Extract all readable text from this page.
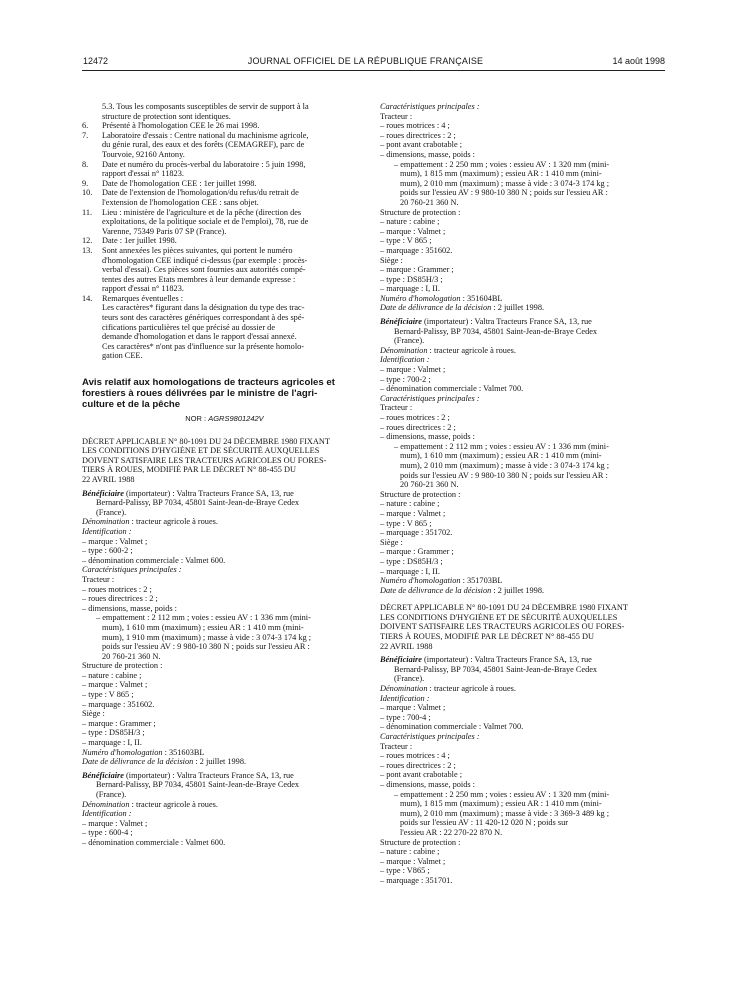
12472	JOURNAL OFFICIEL DE LA RÉPUBLIQUE FRANÇAISE	14 août 1998
5.3. Tous les composants susceptibles de servir de support à la
structure de protection sont identiques.
6.	Présenté à l'homologation CEE le 26 mai 1998.
7.	Laboratoire d'essais : Centre national du machinisme agricole,
du génie rural, des eaux et des forêts (CEMAGREF), parc de
Tourvoie, 92160 Antony.
8.	Date et numéro du procès-verbal du laboratoire : 5 juin 1998,
rapport d'essai n° 11823.
9.	Date de l'homologation CEE : 1er juillet 1998.
10.	Date de l'extension de l'homologation/du refus/du retrait de
l'extension de l'homologation CEE : sans objet.
11.	Lieu : ministère de l'agriculture et de la pêche (direction des
exploitations, de la politique sociale et de l'emploi), 78, rue de
Varenne, 75349 Paris 07 SP (France).
12.	Date : 1er juillet 1998.
13.	Sont annexées les pièces suivantes, qui portent le numéro
d'homologation CEE indiqué ci-dessus (par exemple : procès-
verbal d'essai). Ces pièces sont fournies aux autorités compé-
tentes des autres Etats membres à leur demande expresse :
rapport d'essai n° 11823.
14.	Remarques éventuelles :
Les caractères* figurant dans la désignation du type des trac-
teurs sont des caractères génériques correspondant à des spé-
cifications particulières tel que précisé au dossier de
demande d'homologation et dans le rapport d'essai annexé.
Ces caractères* n'ont pas d'influence sur la présente homolo-
gation CEE.
Avis relatif aux homologations de tracteurs agricoles et
forestiers à roues délivrées par le ministre de l'agri-
culture et de la pêche
NOR : AGRS9801242V
DÉCRET APPLICABLE N° 80-1091 DU 24 DÉCEMBRE 1980 FIXANT
LES CONDITIONS D'HYGIÈNE ET DE SÉCURITÉ AUXQUELLES
DOIVENT SATISFAIRE LES TRACTEURS AGRICOLES OU FORES-
TIERS À ROUES, MODIFIÉ PAR LE DÉCRET N° 88-455 DU
22 AVRIL 1988
Bénéficiaire (importateur) : Valtra Tracteurs France SA, 13, rue
Bernard-Palissy, BP 7034, 45801 Saint-Jean-de-Braye Cedex
(France).
Dénomination : tracteur agricole à roues.
Identification :
– marque : Valmet ;
– type : 600-2 ;
– dénomination commerciale : Valmet 600.
Caractéristiques principales :
Tracteur :
– roues motrices : 2 ;
– roues directrices : 2 ;
– dimensions, masse, poids :
– empattement : 2 112 mm ; voies : essieu AV : 1 336 mm (mini-
mum), 1 610 mm (maximum) ; essieu AR : 1 410 mm (mini-
mum), 1 910 mm (maximum) ; masse à vide : 3 074-3 174 kg ;
poids sur l'essieu AV : 9 980-10 380 N ; poids sur l'essieu AR :
20 760-21 360 N.
Structure de protection :
– nature : cabine ;
– marque : Valmet ;
– type : V 865 ;
– marquage : 351602.
Siège :
– marque : Grammer ;
– type : DS85H/3 ;
– marquage : I, II.
Numéro d'homologation : 351603BL
Date de délivrance de la décision : 2 juillet 1998.
Bénéficiaire (importateur) : Valtra Tracteurs France SA, 13, rue
Bernard-Palissy, BP 7034, 45801 Saint-Jean-de-Braye Cedex
(France).
Dénomination : tracteur agricole à roues.
Identification :
– marque : Valmet ;
– type : 600-4 ;
– dénomination commerciale : Valmet 600.
Caractéristiques principales :
Tracteur :
– roues motrices : 4 ;
– roues directrices : 2 ;
– pont avant crabotable ;
– dimensions, masse, poids :
– empattement : 2 250 mm ; voies : essieu AV : 1 320 mm (mini-
mum), 1 815 mm (maximum) ; essieu AR : 1 410 mm (mini-
mum), 2 010 mm (maximum) ; masse à vide : 3 074-3 174 kg ;
poids sur l'essieu AV : 9 980-10 380 N ; poids sur l'essieu AR :
20 760-21 360 N.
Structure de protection :
– nature : cabine ;
– marque : Valmet ;
– type : V 865 ;
– marquage : 351602.
Siège :
– marque : Grammer ;
– type : DS85H/3 ;
– marquage : I, II.
Numéro d'homologation : 351604BL
Date de délivrance de la décision : 2 juillet 1998.
Bénéficiaire (importateur) : Valtra Tracteurs France SA, 13, rue
Bernard-Palissy, BP 7034, 45801 Saint-Jean-de-Braye Cedex
(France).
Dénomination : tracteur agricole à roues.
Identification :
– marque : Valmet ;
– type : 700-2 ;
– dénomination commerciale : Valmet 700.
Caractéristiques principales :
Tracteur :
– roues motrices : 2 ;
– roues directrices : 2 ;
– dimensions, masse, poids :
– empattement : 2 112 mm ; voies : essieu AV : 1 336 mm (mini-
mum), 1 610 mm (maximum) ; essieu AR : 1 410 mm (mini-
mum), 2 010 mm (maximum) ; masse à vide : 3 074-3 174 kg ;
poids sur l'essieu AV : 9 980-10 380 N ; poids sur l'essieu AR :
20 760-21 360 N.
Structure de protection :
– nature : cabine ;
– marque : Valmet ;
– type : V 865 ;
– marquage : 351702.
Siège :
– marque : Grammer ;
– type : DS85H/3 ;
– marquage : I, II.
Numéro d'homologation : 351703BL
Date de délivrance de la décision : 2 juillet 1998.
DÉCRET APPLICABLE N° 80-1091 DU 24 DÉCEMBRE 1980 FIXANT
LES CONDITIONS D'HYGIÈNE ET DE SÉCURITÉ AUXQUELLES
DOIVENT SATISFAIRE LES TRACTEURS AGRICOLES OU FORES-
TIERS À ROUES, MODIFIÉ PAR LE DÉCRET N° 88-455 DU
22 AVRIL 1988
Bénéficiaire (importateur) : Valtra Tracteurs France SA, 13, rue
Bernard-Palissy, BP 7034, 45801 Saint-Jean-de-Braye Cedex
(France).
Dénomination : tracteur agricole à roues.
Identification :
– marque : Valmet ;
– type : 700-4 ;
– dénomination commerciale : Valmet 700.
Caractéristiques principales :
Tracteur :
– roues motrices : 4 ;
– roues directrices : 2 ;
– pont avant crabotable ;
– dimensions, masse, poids :
– empattement : 2 250 mm ; voies : essieu AV : 1 320 mm (mini-
mum), 1 815 mm (maximum) ; essieu AR : 1 410 mm (mini-
mum), 2 010 mm (maximum) ; masse à vide : 3 369-3 489 kg ;
poids sur l'essieu AV : 11 420-12 020 N ; poids sur
l'essieu AR : 22 270-22 870 N.
Structure de protection :
– nature : cabine ;
– marque : Valmet ;
– type : V865 ;
– marquage : 351701.
